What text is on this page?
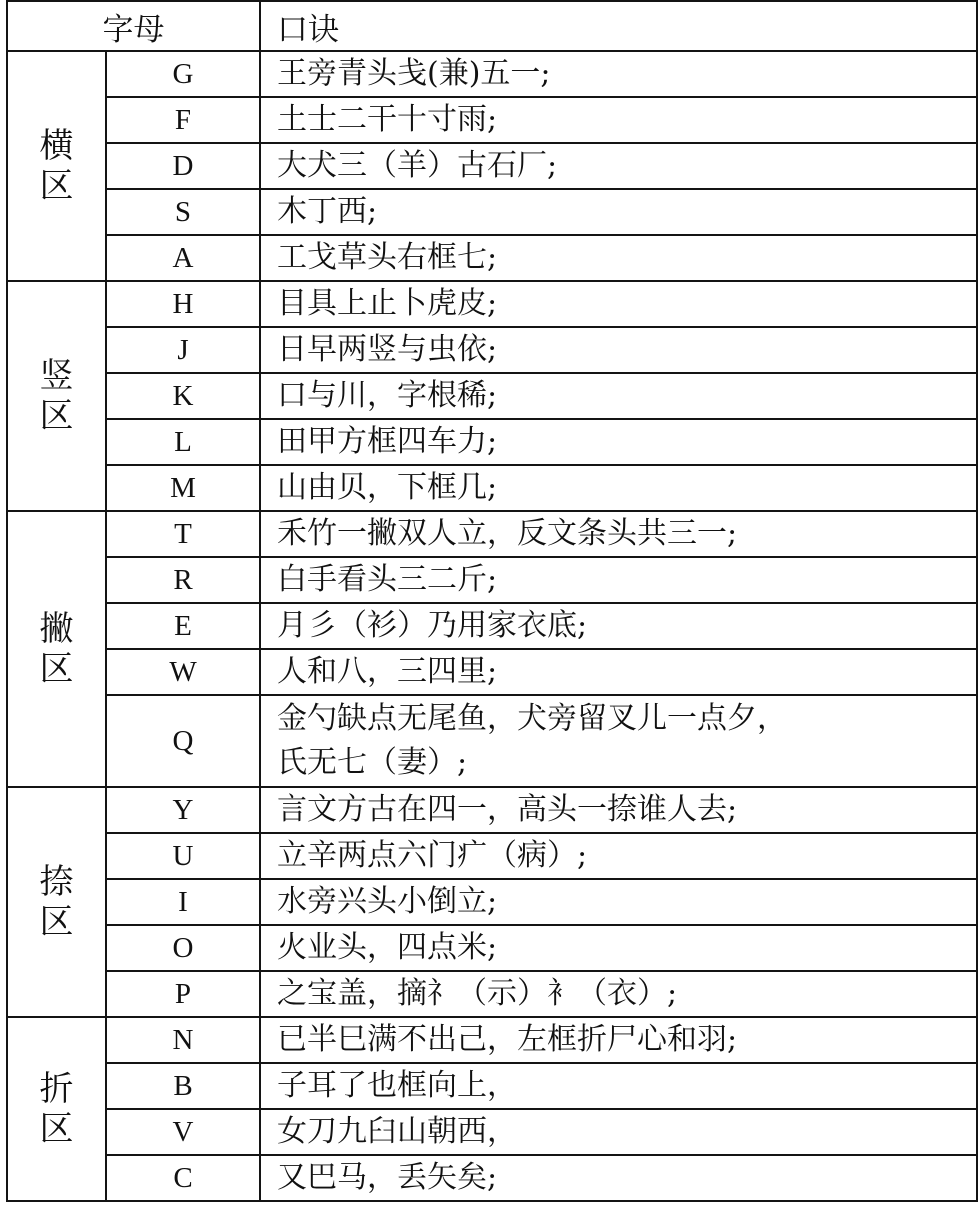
字母		口诀

横
区	G	王旁青头戋(兼)五一;

	F	土士二干十寸雨;

	D	大犬三（羊）古石厂;

	S	木丁西;

	A	工戈草头右框七;

竖
区	H	目具上止卜虎皮;

	J	日早两竖与虫依;

	K	口与川，字根稀;

	L	田甲方框四车力;

	M	山由贝，下框几;

撇
区	T	禾竹一撇双人立，反文条头共三一;

	R	白手看头三二斤;

	E	月彡（衫）乃用家衣底;

	W	人和八，三四里;

	Q	金勺缺点无尾鱼，犬旁留叉儿一点夕，
氏无七（妻）;

捺
区	Y	言文方古在四一，高头一捺谁人去;

	U	立辛两点六门疒（病）;

	I	水旁兴头小倒立;

	O	火业头，四点米;

	P	之宝盖，摘礻（示）衤（衣）;

折
区	N	已半巳满不出己，左框折尸心和羽;

	B	子耳了也框向上，

	V	女刀九臼山朝西，

	C	又巴马，丢矢矣;
